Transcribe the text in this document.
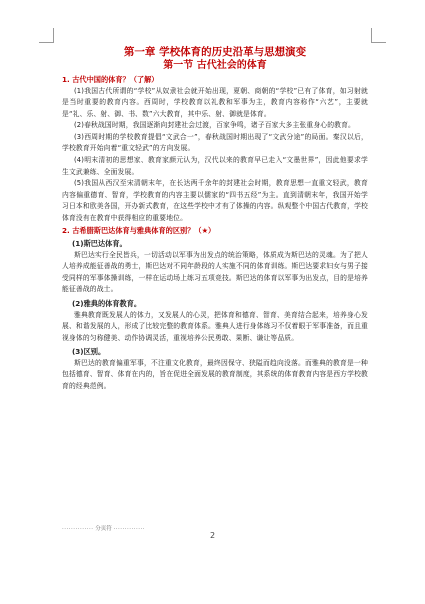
第一章 学校体育的历史沿革与思想演变
第一节 古代社会的体育
1. 古代中国的体育？（了解）

(1)我国古代所谓的“学校”从奴隶社会就开始出现，夏朝、商朝的“学校”已有了体育，如习射就是当时重要的教育内容。西周时，学校教育以礼教和军事为主，教育内容称作“六艺”，主要就是“礼、乐、射、御、书、数”六大教育，其中乐、射、御就是体育。

(2)春秋战国时期，我国逐渐向封建社会过渡，百家争鸣，诸子百家大多主张重身心的教育。

(3)西周时期的学校教育提倡“文武合一”，春秋战国时期出现了“文武分途”的局面。秦汉以后，学校教育开始向着“重文轻武”的方向发展。

(4)明末清初的思想家、教育家颜元认为，汉代以来的教育早已走入“文墨世界”，因此他要求学生文武兼练、全面发展。

(5)我国从西汉至宋清朝末年，在长达两千余年的封建社会时期，教育思想一直重文轻武，教育内容偏重德育、智育，学校教育的内容主要以儒家的“四书五经”为主。直到清朝末年，我国开始学习日本和欧美各国，开办新式教育，在这些学校中才有了体操的内容。纵观整个中国古代教育，学校体育没有在教育中获得相应的重要地位。

2. 古希腊斯巴达体育与雅典体育的区别？（★）
(1)斯巴达体育。

斯巴达实行全民皆兵，一切活动以军事为出发点的统治策略，体质成为斯巴达的灵魂。为了把人人培养成能征善战的勇士，斯巴达对不同年龄段的人实施不同的体育训练。斯巴达要求妇女与男子接受同样的军事体操训练，一样在运动场上练习五项竞技。斯巴达的体育以军事为出发点，目的是培养能征善战的战士。

(2)雅典的体育教育。

雅典教育既发展人的体力，又发展人的心灵，把体育和德育、智育、美育结合起来，培养身心发展、和谐发展的人，形成了比较完整的教育体系。雅典人进行身体练习不仅着眼于军事准备，而且重视身体的匀称健美、动作协调灵活，重视培养公民勇敢、果断、谦让等品质。

(3)区别。

斯巴达的教育偏重军事，不注重文化教育，最终因保守、狭隘而趋向没落。而雅典的教育是一种包括德育、智育、体育在内的，旨在促进全面发展的教育制度，其系统的体育教育内容是西方学校教育的经典范例。

·············· 分页符 ··············
2
